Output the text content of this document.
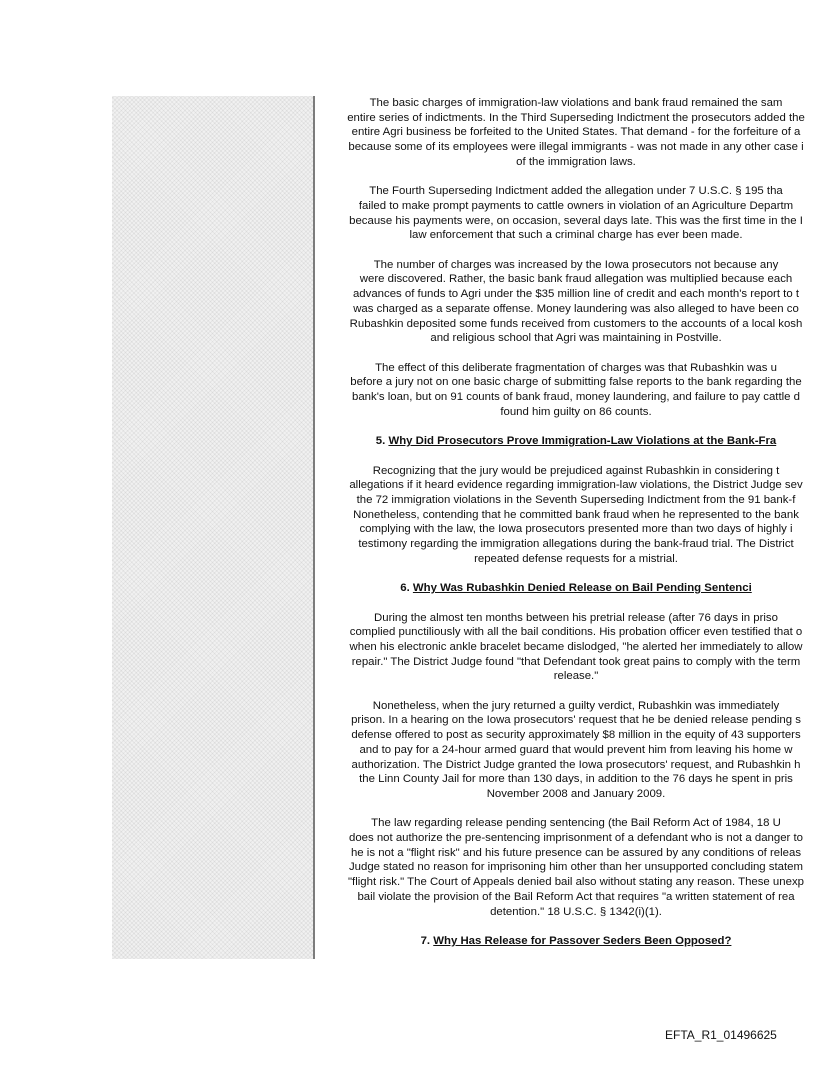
The basic charges of immigration-law violations and bank fraud remained the sam
entire series of indictments. In the Third Superseding Indictment the prosecutors added the
entire Agri business be forfeited to the United States. That demand - for the forfeiture of a
because some of its employees were illegal immigrants - was not made in any other case i
of the immigration laws.

The Fourth Superseding Indictment added the allegation under 7 U.S.C. § 195 tha
failed to make prompt payments to cattle owners in violation of an Agriculture Departm
because his payments were, on occasion, several days late. This was the first time in the I
law enforcement that such a criminal charge has ever been made.

The number of charges was increased by the Iowa prosecutors not because any
were discovered. Rather, the basic bank fraud allegation was multiplied because each
advances of funds to Agri under the $35 million line of credit and each month's report to t
was charged as a separate offense. Money laundering was also alleged to have been co
Rubashkin deposited some funds received from customers to the accounts of a local kosh
and religious school that Agri was maintaining in Postville.

The effect of this deliberate fragmentation of charges was that Rubashkin was u
before a jury not on one basic charge of submitting false reports to the bank regarding the
bank's loan, but on 91 counts of bank fraud, money laundering, and failure to pay cattle d
found him guilty on 86 counts.

5. Why Did Prosecutors Prove Immigration-Law Violations at the Bank-Fra

Recognizing that the jury would be prejudiced against Rubashkin in considering t
allegations if it heard evidence regarding immigration-law violations, the District Judge sev
the 72 immigration violations in the Seventh Superseding Indictment from the 91 bank-f
Nonetheless, contending that he committed bank fraud when he represented to the bank
complying with the law, the Iowa prosecutors presented more than two days of highly i
testimony regarding the immigration allegations during the bank-fraud trial. The District
repeated defense requests for a mistrial.

6. Why Was Rubashkin Denied Release on Bail Pending Sentenci

During the almost ten months between his pretrial release (after 76 days in priso
complied punctiliously with all the bail conditions. His probation officer even testified that o
when his electronic ankle bracelet became dislodged, "he alerted her immediately to allow
repair." The District Judge found "that Defendant took great pains to comply with the term
release."

Nonetheless, when the jury returned a guilty verdict, Rubashkin was immediately
prison. In a hearing on the Iowa prosecutors' request that he be denied release pending s
defense offered to post as security approximately $8 million in the equity of 43 supporters
and to pay for a 24-hour armed guard that would prevent him from leaving his home w
authorization. The District Judge granted the Iowa prosecutors' request, and Rubashkin h
the Linn County Jail for more than 130 days, in addition to the 76 days he spent in pris
November 2008 and January 2009.

The law regarding release pending sentencing (the Bail Reform Act of 1984, 18 U
does not authorize the pre-sentencing imprisonment of a defendant who is not a danger to
he is not a "flight risk" and his future presence can be assured by any conditions of releas
Judge stated no reason for imprisoning him other than her unsupported concluding statem
"flight risk." The Court of Appeals denied bail also without stating any reason. These unexp
bail violate the provision of the Bail Reform Act that requires "a written statement of rea
detention." 18 U.S.C. § 1342(i)(1).

7. Why Has Release for Passover Seders Been Opposed?
EFTA_R1_01496625
